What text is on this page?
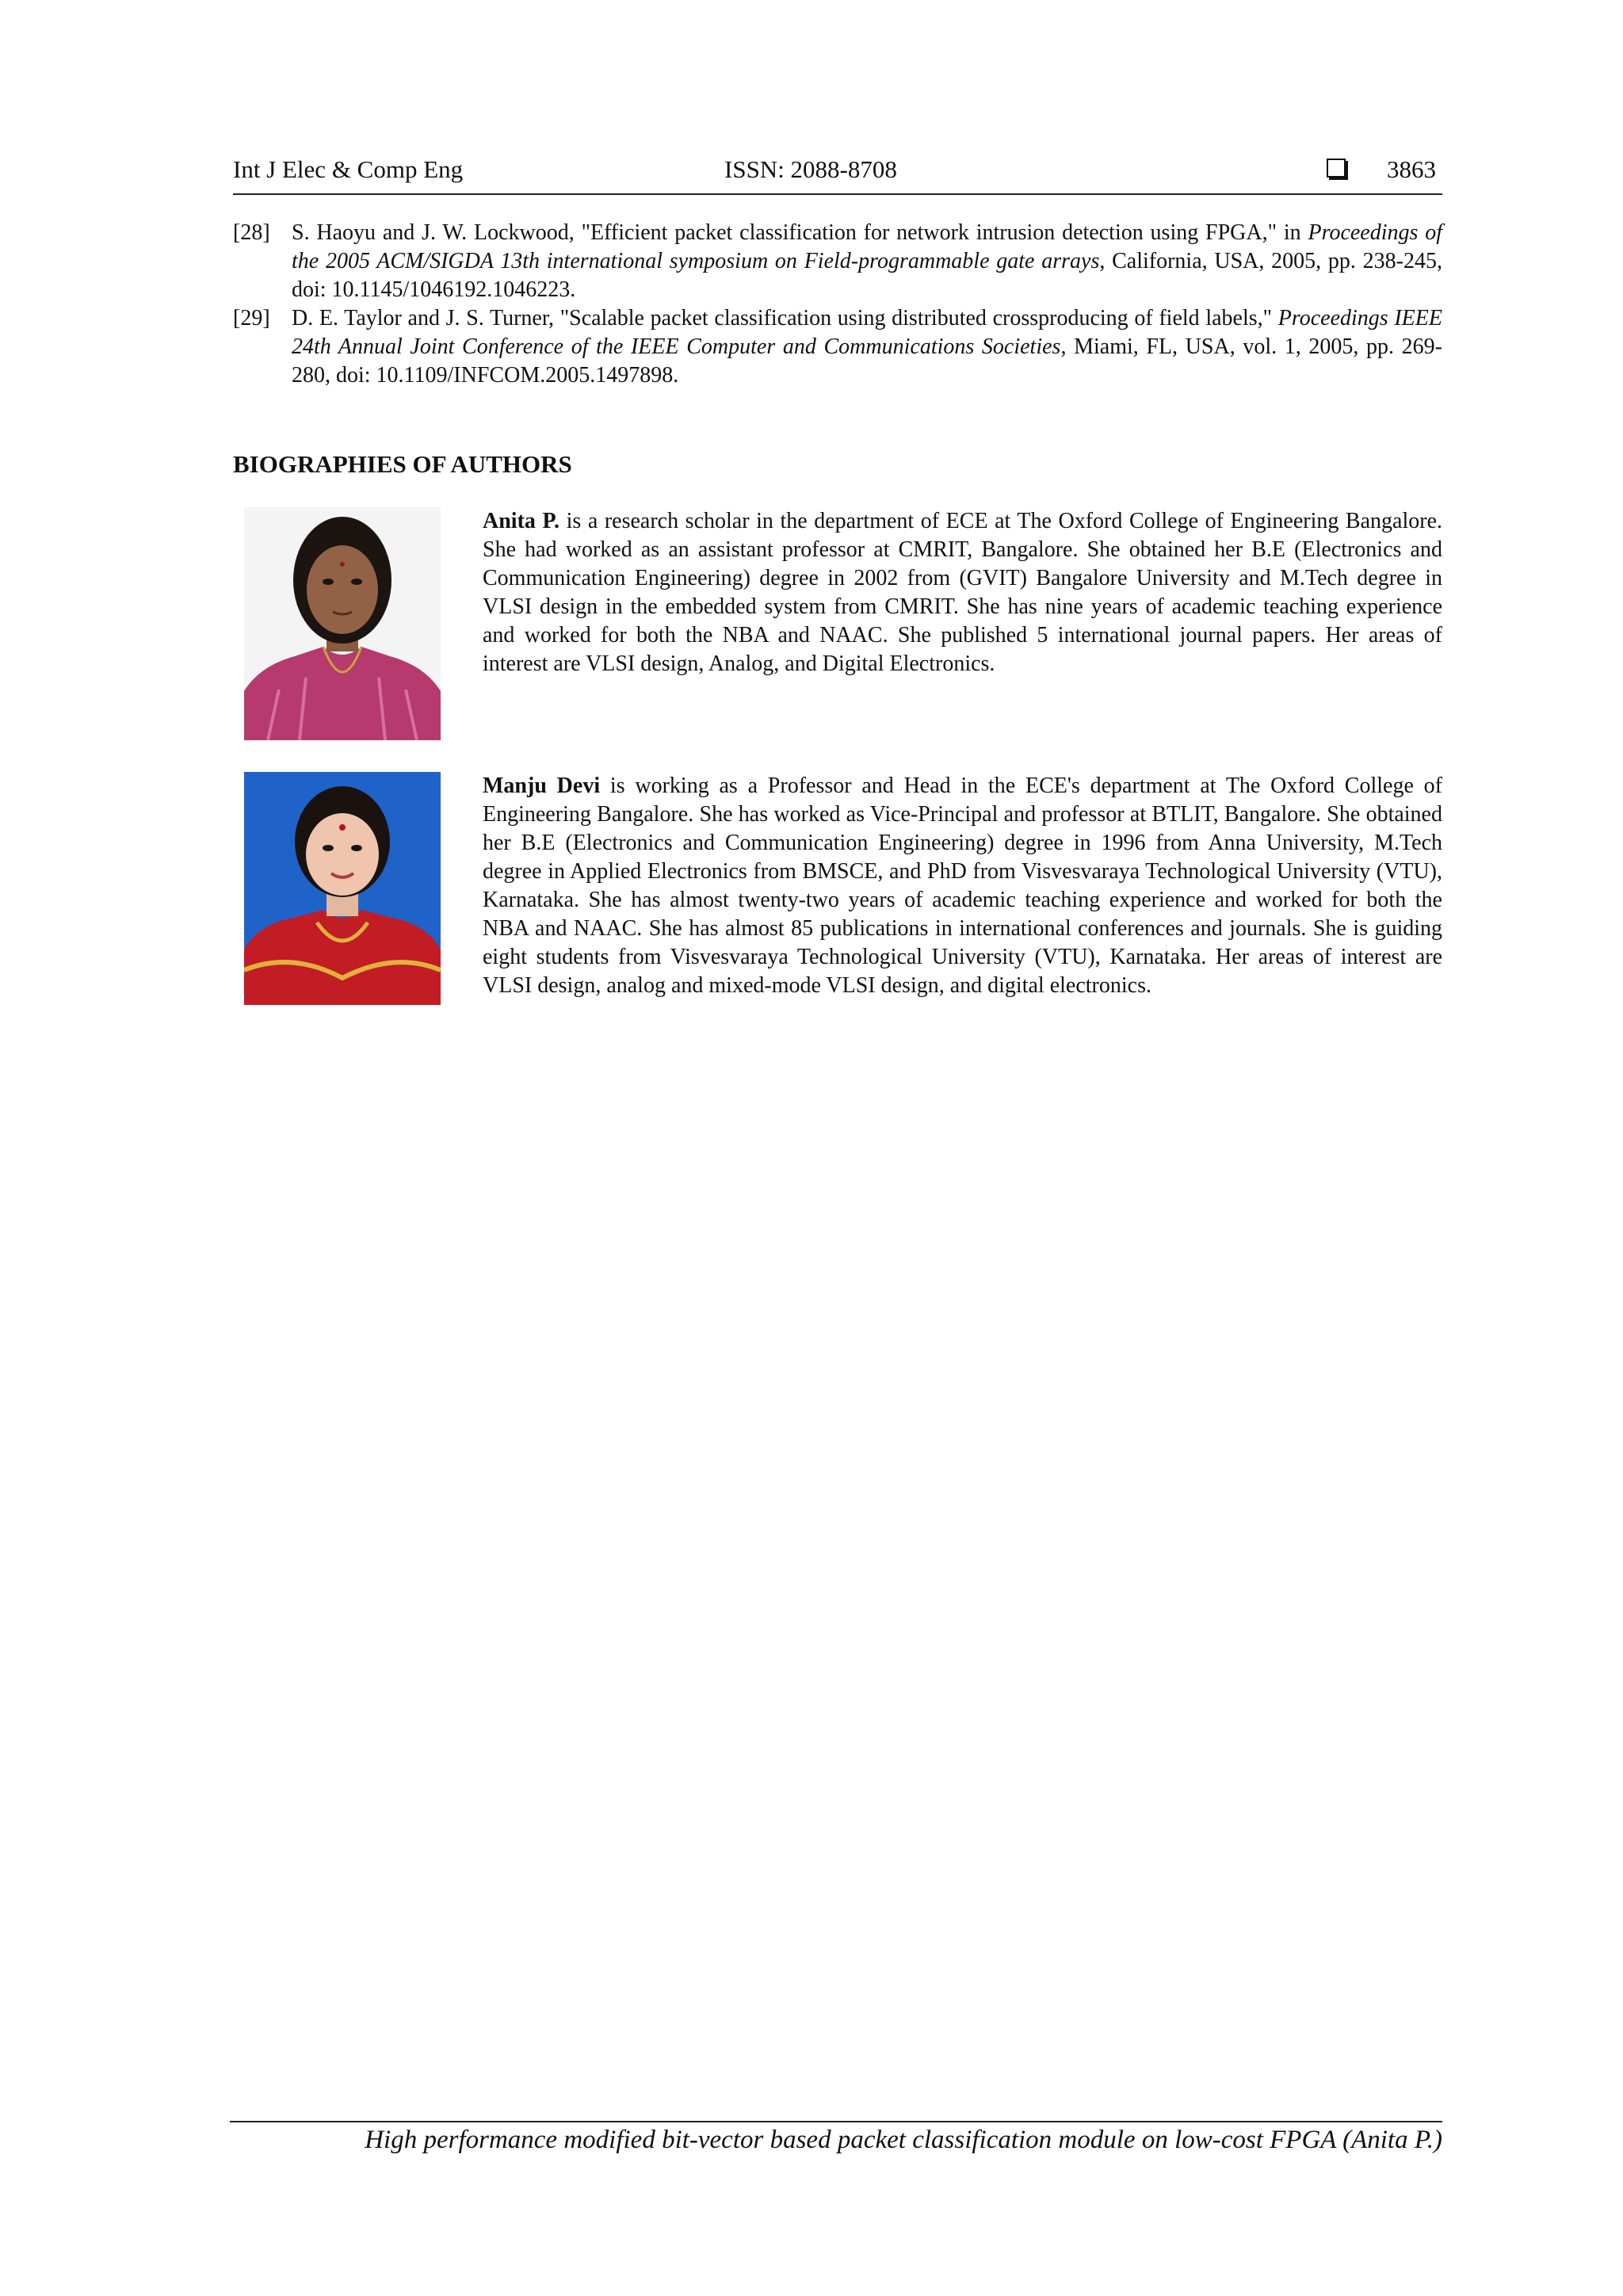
Int J Elec & Comp Eng	ISSN: 2088-8708	3863
[28] S. Haoyu and J. W. Lockwood, "Efficient packet classification for network intrusion detection using FPGA," in Proceedings of the 2005 ACM/SIGDA 13th international symposium on Field-programmable gate arrays, California, USA, 2005, pp. 238-245, doi: 10.1145/1046192.1046223.
[29] D. E. Taylor and J. S. Turner, "Scalable packet classification using distributed crossproducing of field labels," Proceedings IEEE 24th Annual Joint Conference of the IEEE Computer and Communications Societies, Miami, FL, USA, vol. 1, 2005, pp. 269-280, doi: 10.1109/INFCOM.2005.1497898.
BIOGRAPHIES OF AUTHORS

Anita P. is a research scholar in the department of ECE at The Oxford College of Engineering Bangalore. She had worked as an assistant professor at CMRIT, Bangalore. She obtained her B.E (Electronics and Communication Engineering) degree in 2002 from (GVIT) Bangalore University and M.Tech degree in VLSI design in the embedded system from CMRIT. She has nine years of academic teaching experience and worked for both the NBA and NAAC. She published 5 international journal papers. Her areas of interest are VLSI design, Analog, and Digital Electronics.

Manju Devi is working as a Professor and Head in the ECE's department at The Oxford College of Engineering Bangalore. She has worked as Vice-Principal and professor at BTLIT, Bangalore. She obtained her B.E (Electronics and Communication Engineering) degree in 1996 from Anna University, M.Tech degree in Applied Electronics from BMSCE, and PhD from Visvesvaraya Technological University (VTU), Karnataka. She has almost twenty-two years of academic teaching experience and worked for both the NBA and NAAC. She has almost 85 publications in international conferences and journals. She is guiding eight students from Visvesvaraya Technological University (VTU), Karnataka. Her areas of interest are VLSI design, analog and mixed-mode VLSI design, and digital electronics.

High performance modified bit-vector based packet classification module on low-cost FPGA (Anita P.)
